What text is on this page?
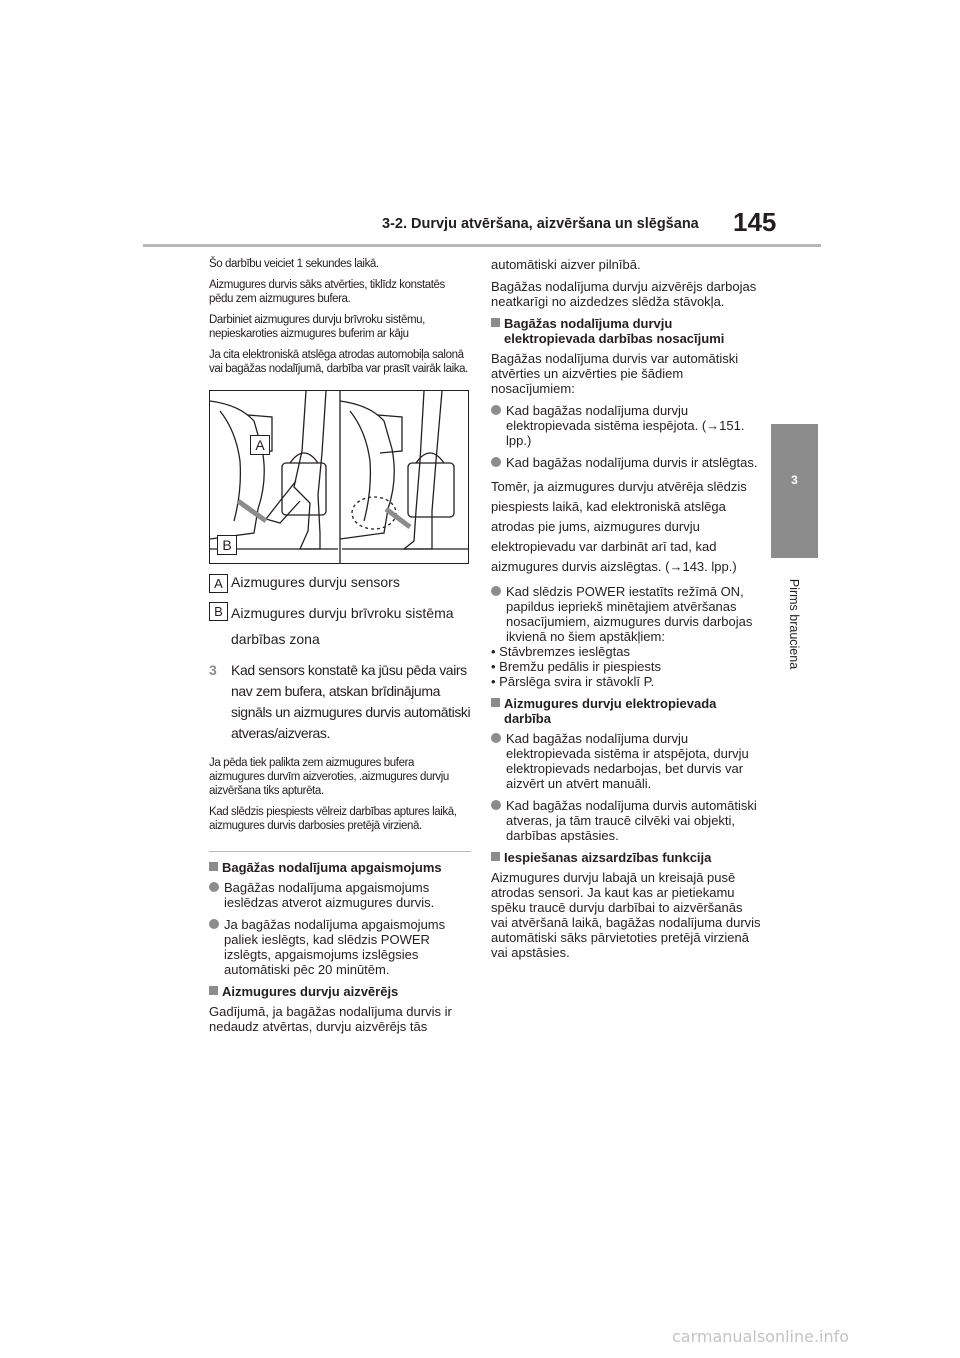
3-2. Durvju atvēršana, aizvēršana un slēgšana 145
3
Pirms brauciena

Šo darbību veiciet 1 sekundes laikā.

Aizmugures durvis sāks atvērties, tiklīdz konstatēs pēdu zem aizmugures bufera.

Darbiniet aizmugures durvju brīvroku sistēmu, nepieskaroties aizmugures buferim ar kāju

Ja cita elektroniskā atslēga atrodas automobiļa salonā vai bagāžas nodalījumā, darbība var prasīt vairāk laika.

A
B
A Aizmugures durvju sensors
B Aizmugures durvju brīvroku sistēma darbības zona
3 Kad sensors konstatē ka jūsu pēda vairs nav zem bufera, atskan brīdinājuma signāls un aizmugures durvis automātiski atveras/aizveras.

Ja pēda tiek palikta zem aizmugures bufera aizmugures durvīm aizveroties, .aizmugures durvju aizvēršana tiks apturēta.

Kad slēdzis piespiests vēlreiz darbības aptures laikā, aizmugures durvis darbosies pretējā virzienā.

Bagāžas nodalījuma apgaismojums
Bagāžas nodalījuma apgaismojums ieslēdzas atverot aizmugures durvis.
Ja bagāžas nodalījuma apgaismojums paliek ieslēgts, kad slēdzis POWER izslēgts, apgaismojums izslēgsies automātiski pēc 20 minūtēm.
Aizmugures durvju aizvērējs

Gadījumā, ja bagāžas nodalījuma durvis ir nedaudz atvērtas, durvju aizvērējs tās

automātiski aizver pilnībā.

Bagāžas nodalījuma durvju aizvērējs darbojas neatkarīgi no aizdedzes slēdža stāvokļa.

Bagāžas nodalījuma durvju elektropievada darbības nosacījumi

Bagāžas nodalījuma durvis var automātiski atvērties un aizvērties pie šādiem nosacījumiem:

Kad bagāžas nodalījuma durvju elektropievada sistēma iespējota. (→151. lpp.)
Kad bagāžas nodalījuma durvis ir atslēgtas.

Tomēr, ja aizmugures durvju atvērēja slēdzis piespiests laikā, kad elektroniskā atslēga atrodas pie jums, aizmugures durvju elektropievadu var darbināt arī tad, kad aizmugures durvis aizslēgtas. (→143. lpp.)

Kad slēdzis POWER iestatīts režīmā ON, papildus iepriekš minētajiem atvēršanas nosacījumiem, aizmugures durvis darbojas ikvienā no šiem apstākļiem:

• Stāvbremzes ieslēgtas

• Bremžu pedālis ir piespiests

• Pārslēga svira ir stāvoklī P.

Aizmugures durvju elektropievada darbība
Kad bagāžas nodalījuma durvju elektropievada sistēma ir atspējota, durvju elektropievads nedarbojas, bet durvis var aizvērt un atvērt manuāli.
Kad bagāžas nodalījuma durvis automātiski atveras, ja tām traucē cilvēki vai objekti, darbības apstāsies.
Iespiešanas aizsardzības funkcija

Aizmugures durvju labajā un kreisajā pusē atrodas sensori. Ja kaut kas ar pietiekamu spēku traucē durvju darbībai to aizvēršanās vai atvēršanā laikā, bagāžas nodalījuma durvis automātiski sāks pārvietoties pretējā virzienā vai apstāsies.

carmanualsonline.info
